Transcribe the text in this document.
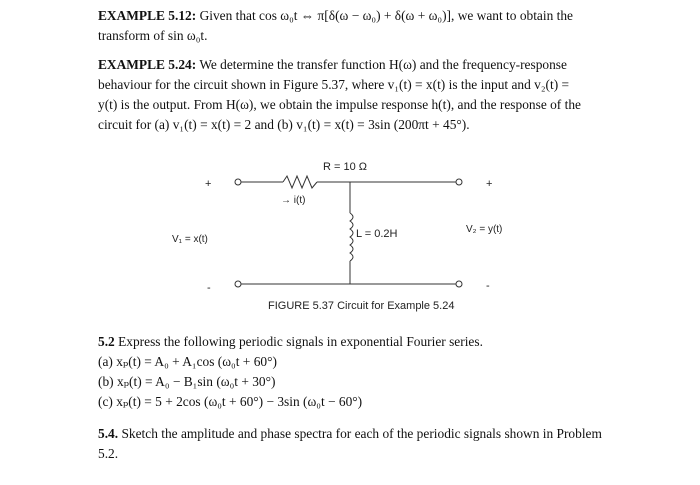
EXAMPLE 5.12: Given that cos ω₀t ⇔ π[δ(ω − ω₀) + δ(ω + ω₀)], we want to obtain the
transform of sin ω₀t.
EXAMPLE 5.24: We determine the transfer function H(ω) and the frequency-response
behaviour for the circuit shown in Figure 5.37, where v₁(t) = x(t) is the input and v₂(t) =
y(t) is the output. From H(ω), we obtain the impulse response h(t), and the response of the
circuit for (a) v₁(t) = x(t) = 2 and (b) v₁(t) = x(t) = 3sin (200πt + 45°).
R = 10 Ω
→ i(t)
L = 0.2H
V₁ = x(t)
V₂ = y(t)
+	+
-	-
FIGURE 5.37 Circuit for Example 5.24
5.2 Express the following periodic signals in exponential Fourier series.
(a) xₚ(t) = A₀ + A₁cos (ω₀t + 60°)
(b) xₚ(t) = A₀ − B₁sin (ω₀t + 30°)
(c) xₚ(t) = 5 + 2cos (ω₀t + 60°) − 3sin (ω₀t − 60°)
5.4. Sketch the amplitude and phase spectra for each of the periodic signals shown in Problem
5.2.
